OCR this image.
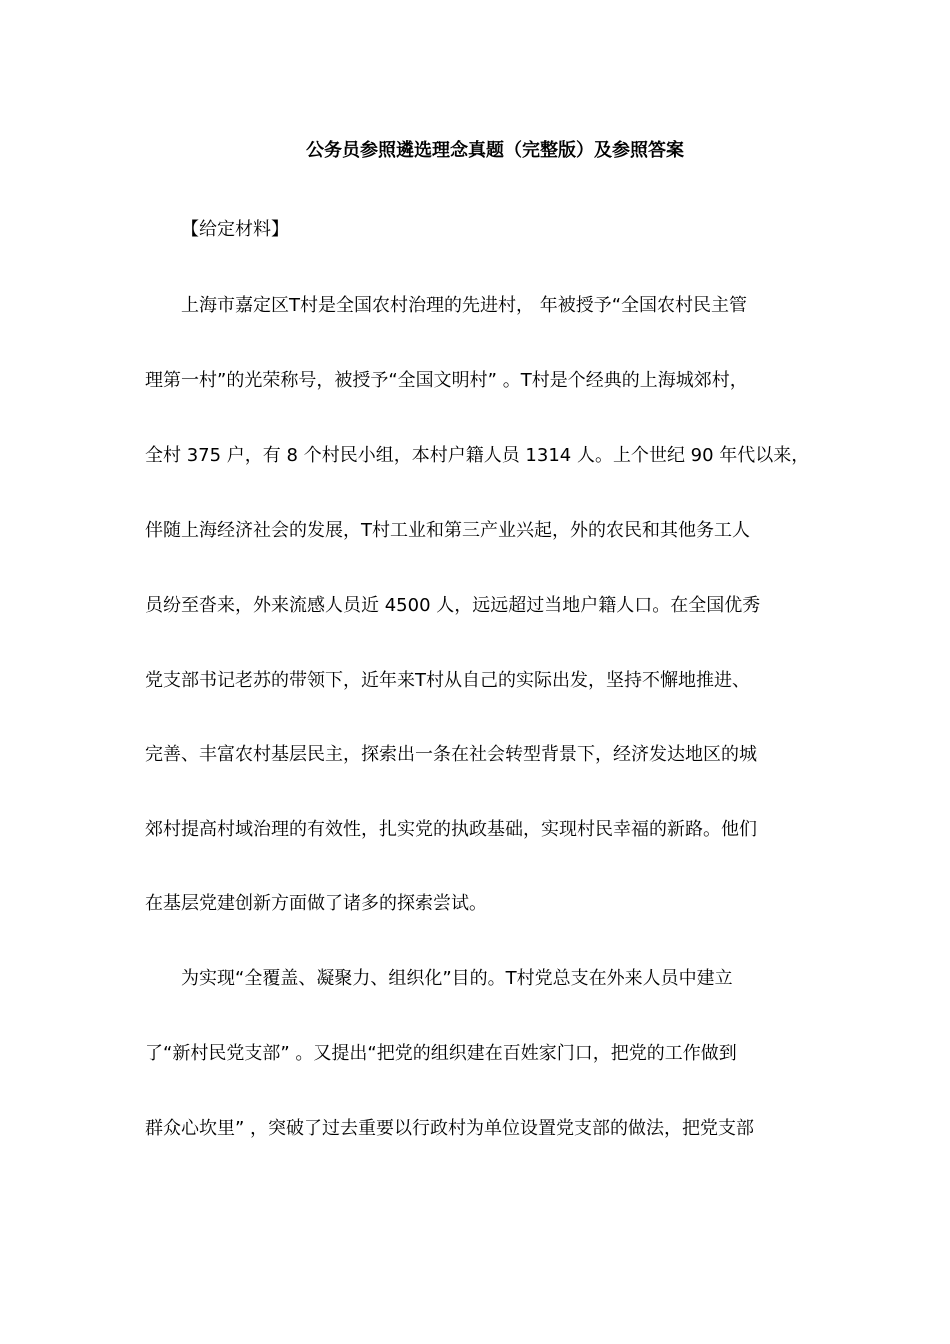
公务员参照遴选理念真题（完整版）及参照答案
【给定材料】
上海市嘉定区T村是全国农村治理的先进村， 年被授予“全国农村民主管
理第一村”的光荣称号，被授予“全国文明村” 。T村是个经典的上海城郊村，
全村 375 户，有 8 个村民小组，本村户籍人员 1314 人。上个世纪 90 年代以来，
伴随上海经济社会的发展，T村工业和第三产业兴起，外的农民和其他务工人
员纷至沓来，外来流感人员近 4500 人，远远超过当地户籍人口。在全国优秀
党支部书记老苏的带领下，近年来T村从自己的实际出发，坚持不懈地推进、
完善、丰富农村基层民主，探索出一条在社会转型背景下，经济发达地区的城
郊村提高村域治理的有效性，扎实党的执政基础，实现村民幸福的新路。他们
在基层党建创新方面做了诸多的探索尝试。
为实现“全覆盖、凝聚力、组织化”目的。T村党总支在外来人员中建立
了“新村民党支部” 。又提出“把党的组织建在百姓家门口，把党的工作做到
群众心坎里” ，突破了过去重要以行政村为单位设置党支部的做法，把党支部
